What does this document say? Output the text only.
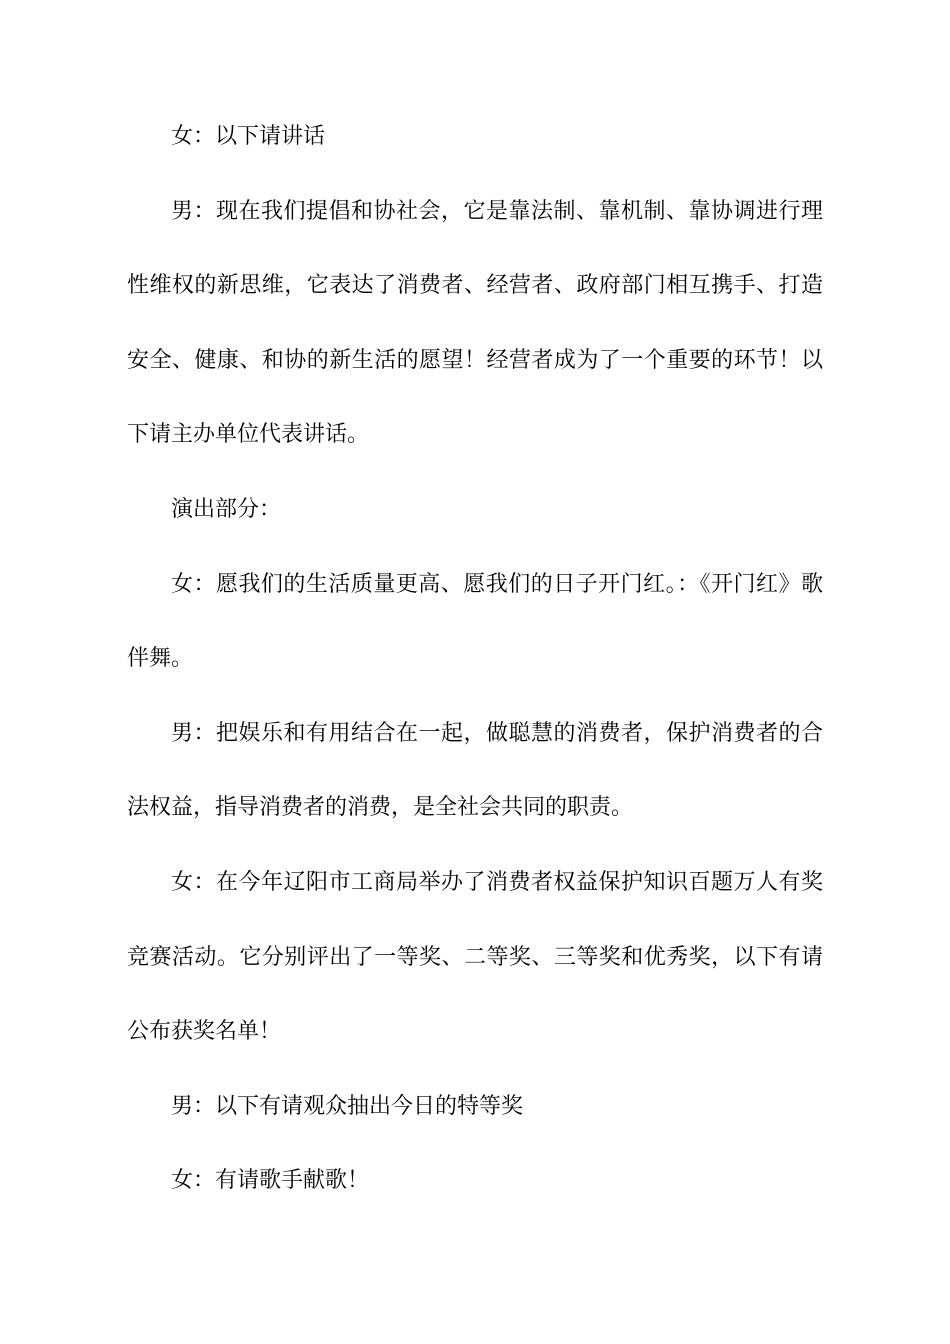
女：以下请讲话

男：现在我们提倡和协社会，它是靠法制、靠机制、靠协调进行理性维权的新思维，它表达了消费者、经营者、政府部门相互携手、打造安全、健康、和协的新生活的愿望！经营者成为了一个重要的环节！以下请主办单位代表讲话。

演出部分：

女：愿我们的生活质量更高、愿我们的日子开门红。：《开门红》歌伴舞。

男：把娱乐和有用结合在一起，做聪慧的消费者，保护消费者的合法权益，指导消费者的消费，是全社会共同的职责。

女：在今年辽阳市工商局举办了消费者权益保护知识百题万人有奖竞赛活动。它分别评出了一等奖、二等奖、三等奖和优秀奖，以下有请公布获奖名单！

男：以下有请观众抽出今日的特等奖

女：有请歌手献歌！
